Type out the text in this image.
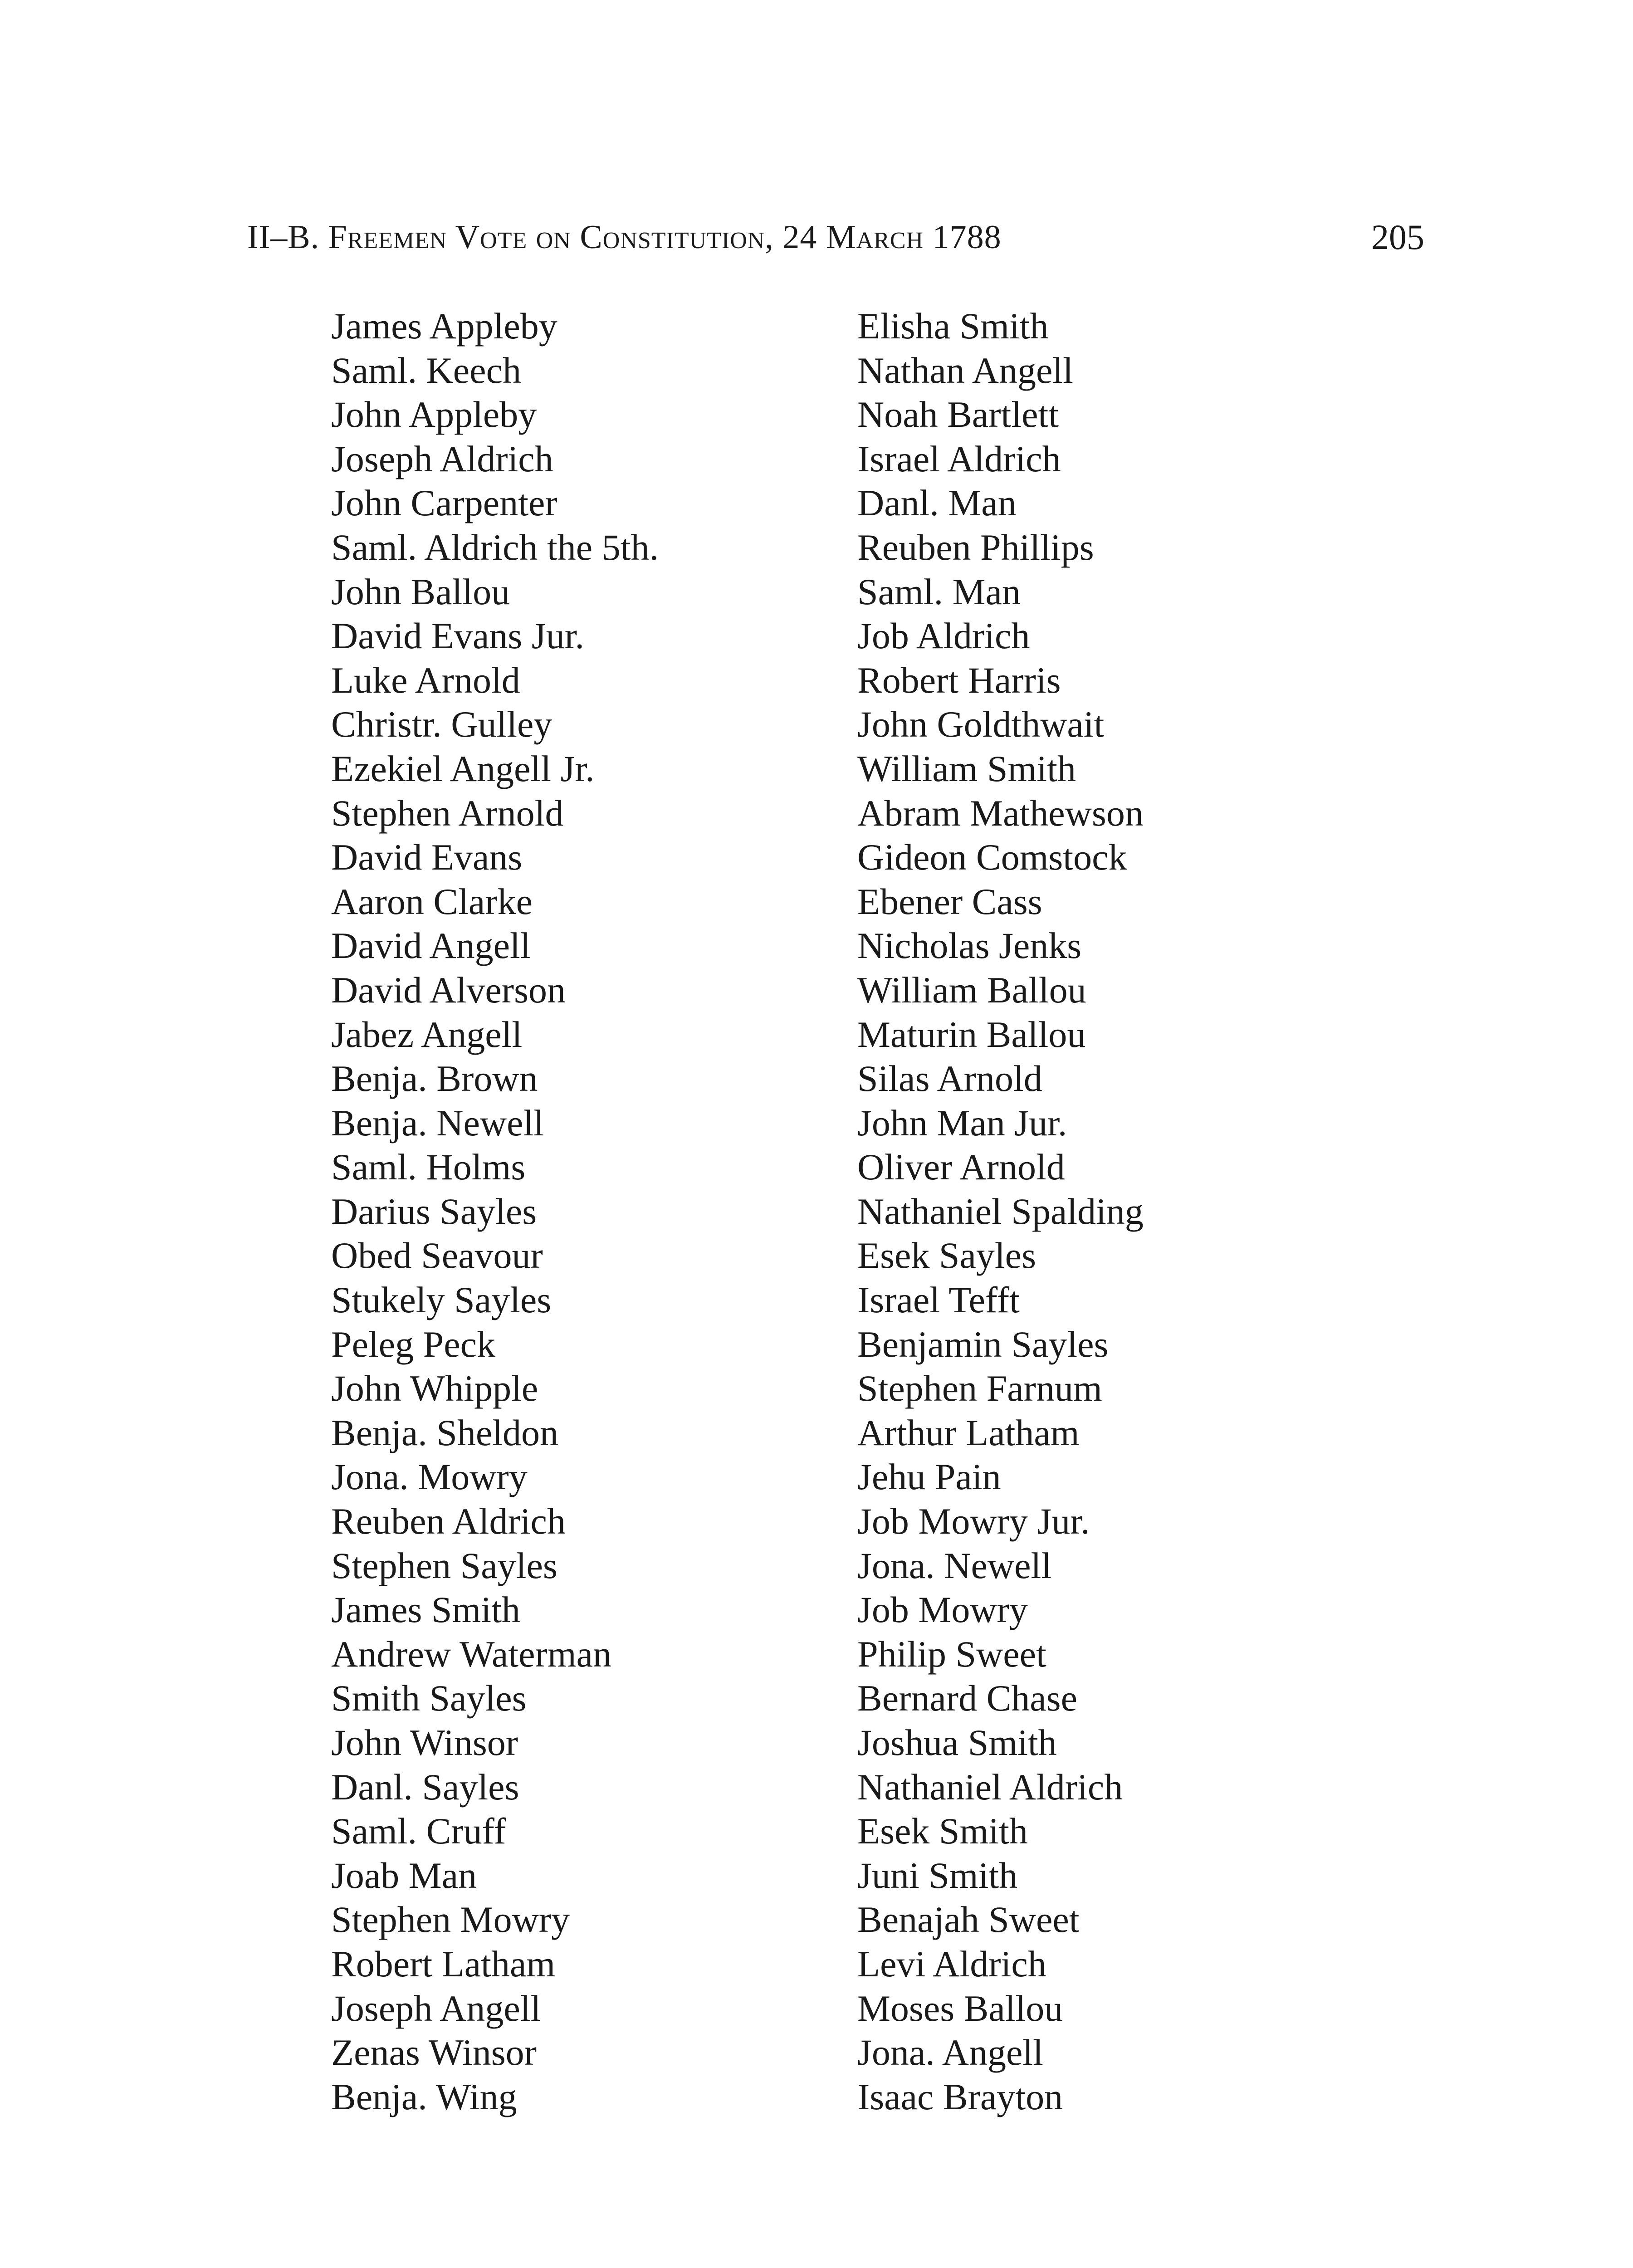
II–B. Freemen Vote on Constitution, 24 March 1788	205
James Appleby
Saml. Keech
John Appleby
Joseph Aldrich
John Carpenter
Saml. Aldrich the 5th.
John Ballou
David Evans Jur.
Luke Arnold
Christr. Gulley
Ezekiel Angell Jr.
Stephen Arnold
David Evans
Aaron Clarke
David Angell
David Alverson
Jabez Angell
Benja. Brown
Benja. Newell
Saml. Holms
Darius Sayles
Obed Seavour
Stukely Sayles
Peleg Peck
John Whipple
Benja. Sheldon
Jona. Mowry
Reuben Aldrich
Stephen Sayles
James Smith
Andrew Waterman
Smith Sayles
John Winsor
Danl. Sayles
Saml. Cruff
Joab Man
Stephen Mowry
Robert Latham
Joseph Angell
Zenas Winsor
Benja. Wing
Elisha Smith
Nathan Angell
Noah Bartlett
Israel Aldrich
Danl. Man
Reuben Phillips
Saml. Man
Job Aldrich
Robert Harris
John Goldthwait
William Smith
Abram Mathewson
Gideon Comstock
Ebener Cass
Nicholas Jenks
William Ballou
Maturin Ballou
Silas Arnold
John Man Jur.
Oliver Arnold
Nathaniel Spalding
Esek Sayles
Israel Tefft
Benjamin Sayles
Stephen Farnum
Arthur Latham
Jehu Pain
Job Mowry Jur.
Jona. Newell
Job Mowry
Philip Sweet
Bernard Chase
Joshua Smith
Nathaniel Aldrich
Esek Smith
Juni Smith
Benajah Sweet
Levi Aldrich
Moses Ballou
Jona. Angell
Isaac Brayton
